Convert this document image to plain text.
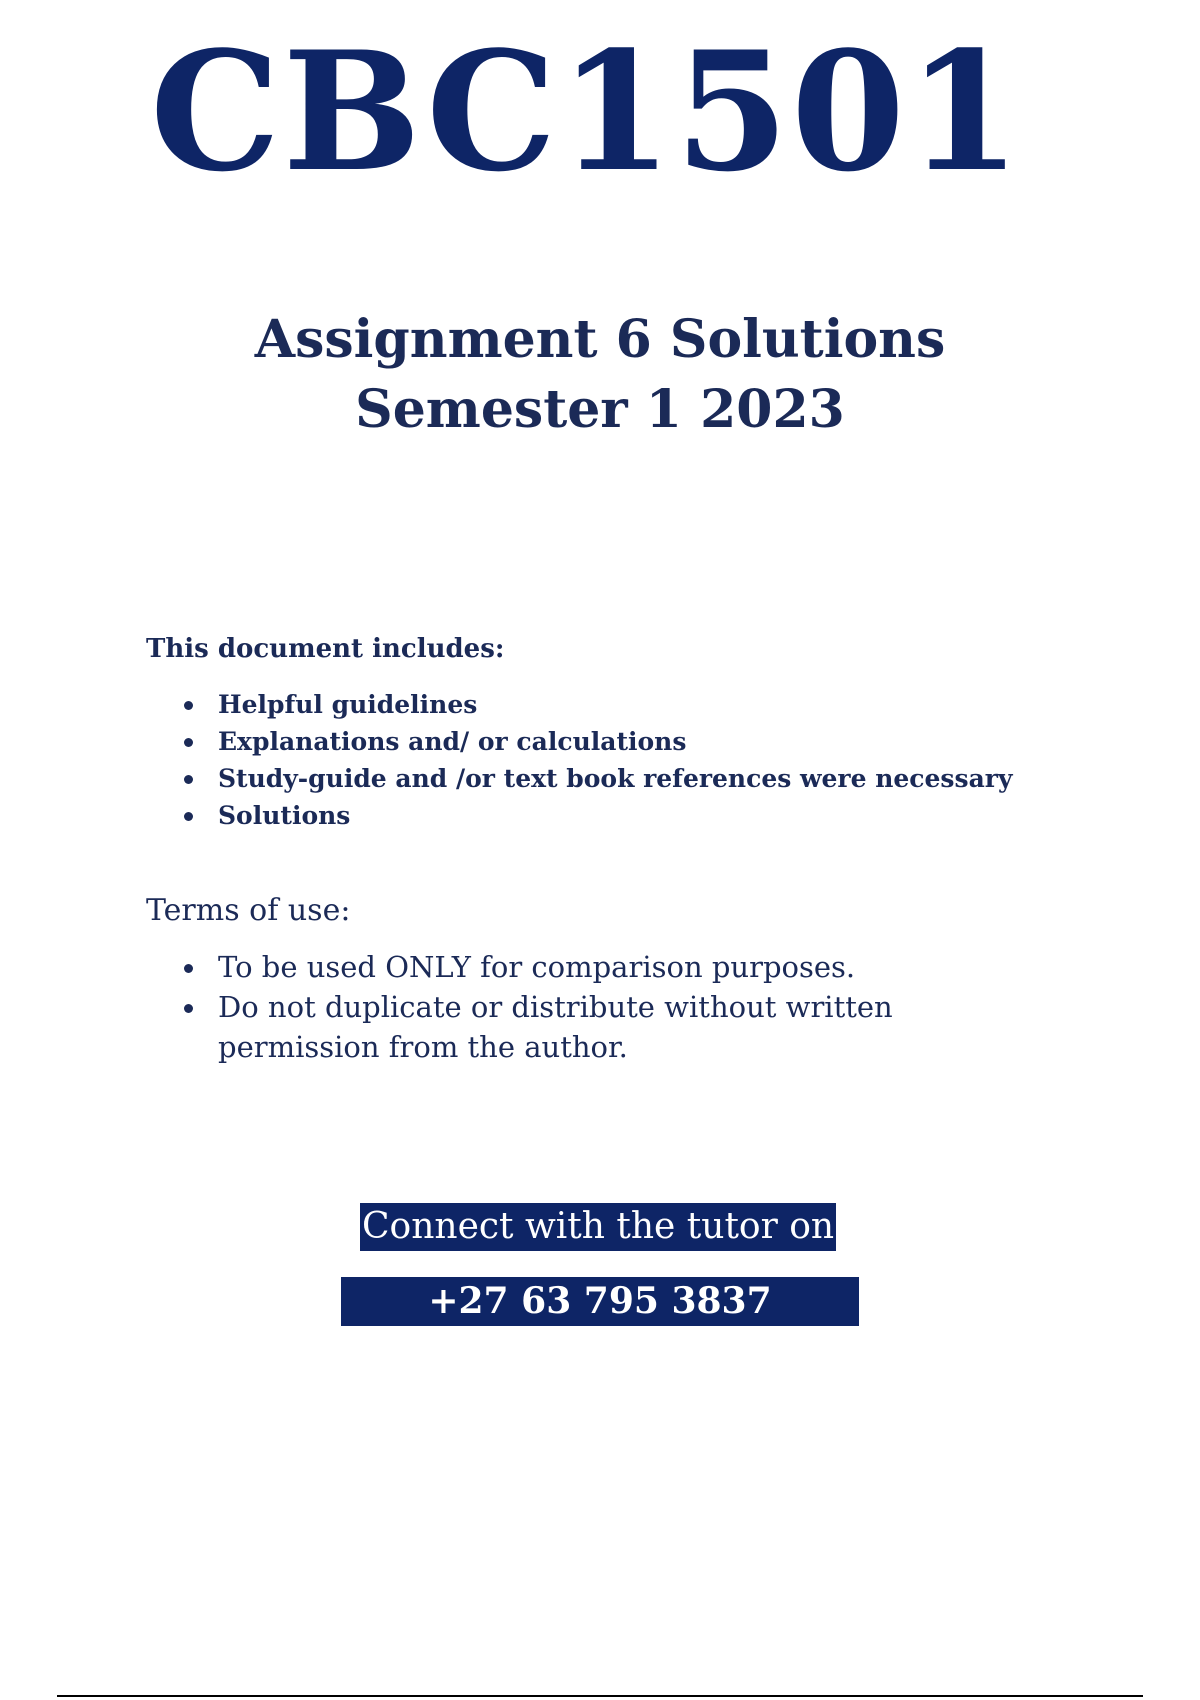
CBC1501
Assignment 6 Solutions
Semester 1 2023
This document includes:
Helpful guidelines
Explanations and/ or calculations
Study-guide and /or text book references were necessary
Solutions
Terms of use:
To be used ONLY for comparison purposes.
Do not duplicate or distribute without written permission from the author.
Connect with the tutor on
+27 63 795 3837
